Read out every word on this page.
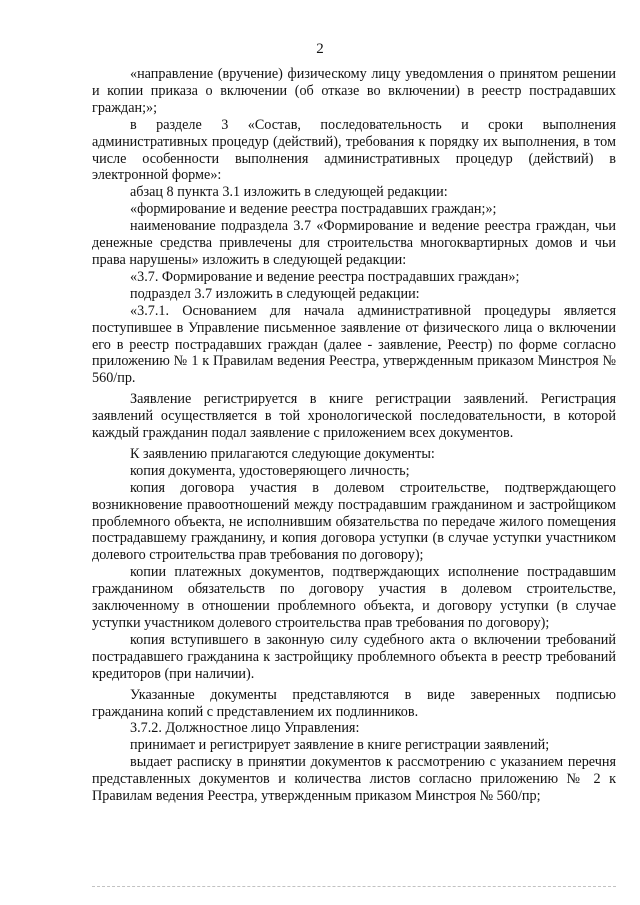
2

«направление (вручение) физическому лицу уведомления о принятом решении и копии приказа о включении (об отказе во включении) в реестр пострадавших граждан;»;

в разделе 3 «Состав, последовательность и сроки выполнения административных процедур (действий), требования к порядку их выполнения, в том числе особенности выполнения административных процедур (действий) в электронной форме»:

абзац 8 пункта 3.1 изложить в следующей редакции:

«формирование и ведение реестра пострадавших граждан;»;

наименование подраздела 3.7 «Формирование и ведение реестра граждан, чьи денежные средства привлечены для строительства многоквартирных домов и чьи права нарушены» изложить в следующей редакции:

«3.7. Формирование и ведение реестра пострадавших граждан»;

подраздел 3.7 изложить в следующей редакции:

«3.7.1. Основанием для начала административной процедуры является поступившее в Управление письменное заявление от физического лица о включении его в реестр пострадавших граждан (далее - заявление, Реестр) по форме согласно приложению № 1 к Правилам ведения Реестра, утвержденным приказом Минстроя № 560/пр.

Заявление регистрируется в книге регистрации заявлений. Регистрация заявлений осуществляется в той хронологической последовательности, в которой каждый гражданин подал заявление с приложением всех документов.

К заявлению прилагаются следующие документы:

копия документа, удостоверяющего личность;

копия договора участия в долевом строительстве, подтверждающего возникновение правоотношений между пострадавшим гражданином и застройщиком проблемного объекта, не исполнившим обязательства по передаче жилого помещения пострадавшему гражданину, и копия договора уступки (в случае уступки участником долевого строительства прав требования по договору);

копии платежных документов, подтверждающих исполнение пострадавшим гражданином обязательств по договору участия в долевом строительстве, заключенному в отношении проблемного объекта, и договору уступки (в случае уступки участником долевого строительства прав требования по договору);

копия вступившего в законную силу судебного акта о включении требований пострадавшего гражданина к застройщику проблемного объекта в реестр требований кредиторов (при наличии).

Указанные документы представляются в виде заверенных подписью гражданина копий с представлением их подлинников.

3.7.2. Должностное лицо Управления:

принимает и регистрирует заявление в книге регистрации заявлений;

выдает расписку в принятии документов к рассмотрению с указанием перечня представленных документов и количества листов согласно приложению № 2 к Правилам ведения Реестра, утвержденным приказом Минстроя № 560/пр;
